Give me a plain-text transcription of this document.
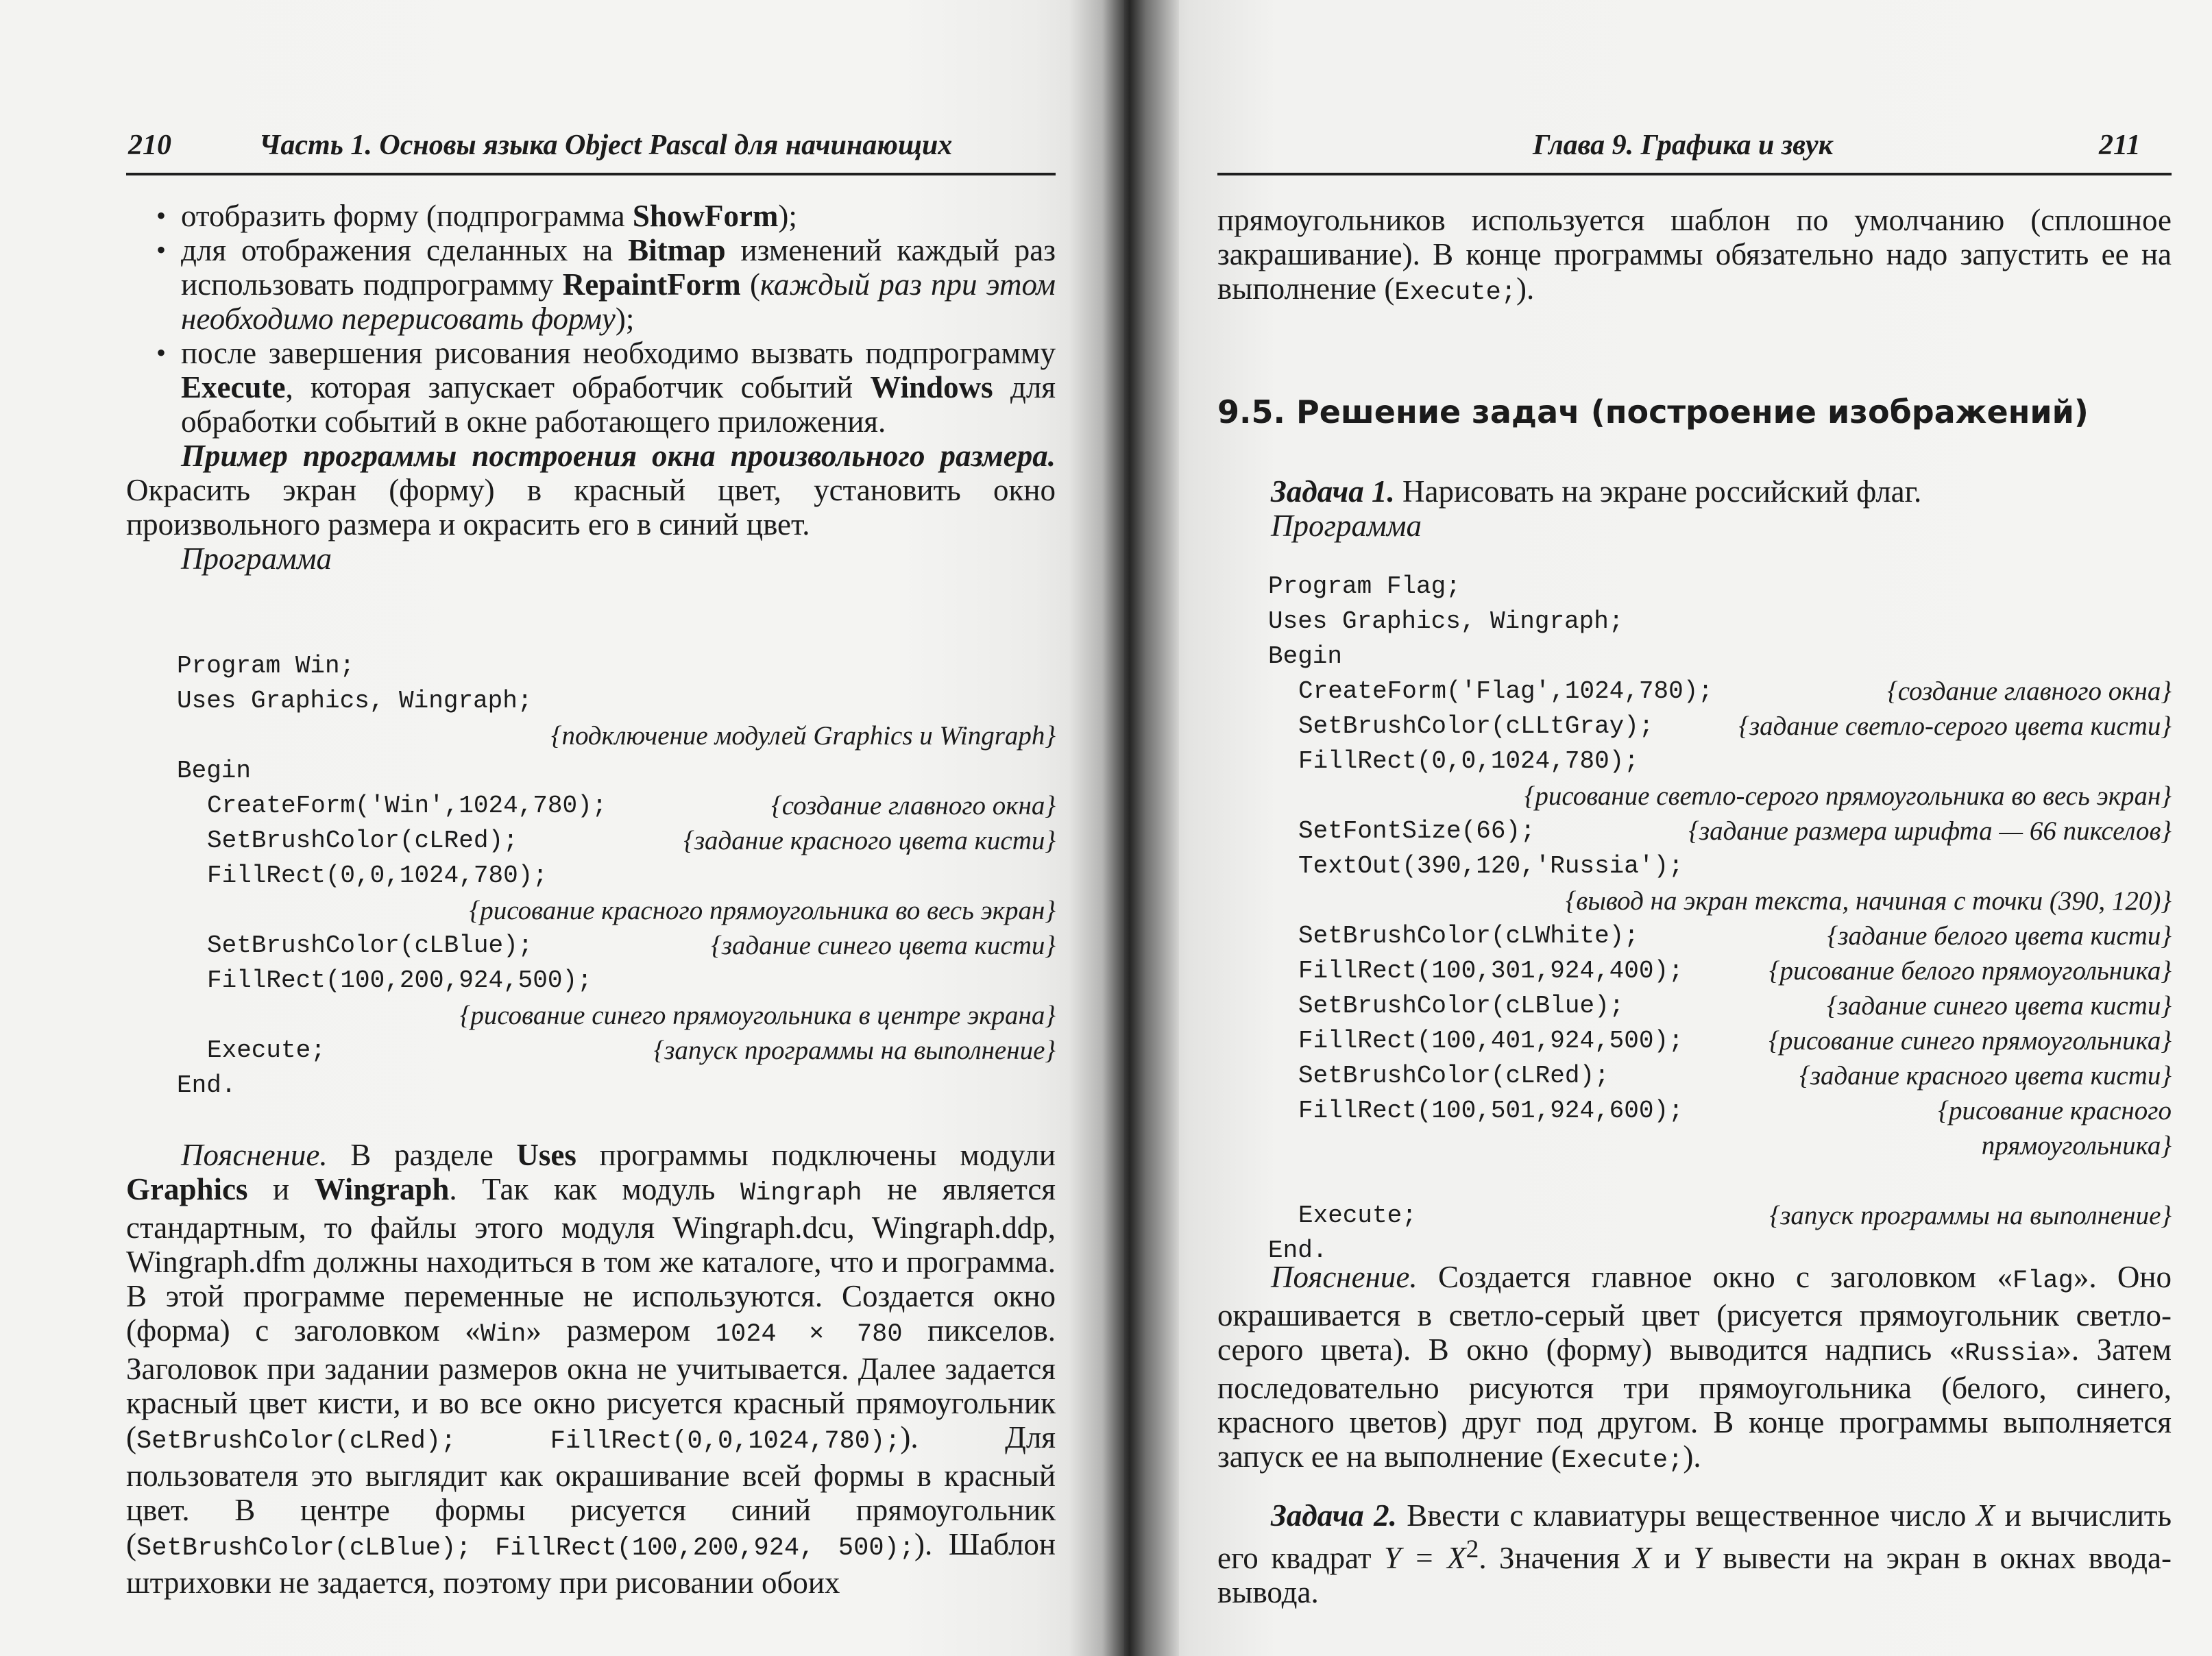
210	Часть 1. Основы языка Object Pascal для начинающих
• отобразить форму (подпрограмма ShowForm);
• для отображения сделанных на Bitmap изменений каждый раз использовать подпрограмму RepaintForm (каждый раз при этом необходимо перерисовать форму);
• после завершения рисования необходимо вызвать подпрограмму Execute, которая запускает обработчик событий Windows для обработки событий в окне работающего приложения.

Пример программы построения окна произвольного размера. Окрасить экран (форму) в красный цвет, установить окно произвольного размера и окрасить его в синий цвет.

Программа
Program Win;
Uses Graphics, Wingraph;
{подключение модулей Graphics и Wingraph}
Begin
CreateForm('Win',1024,780);	{создание главного окна}
SetBrushColor(cLRed);	{задание красного цвета кисти}
FillRect(0,0,1024,780);
{рисование красного прямоугольника во весь экран}
SetBrushColor(cLBlue);	{задание синего цвета кисти}
FillRect(100,200,924,500);
{рисование синего прямоугольника в центре экрана}
Execute;	{запуск программы на выполнение}
End.

Пояснение. В разделе Uses программы подключены модули Graphics и Wingraph. Так как модуль Wingraph не является стандартным, то файлы этого модуля Wingraph.dcu, Wingraph.ddp, Wingraph.dfm должны находиться в том же каталоге, что и программа. В этой программе переменные не используются. Создается окно (форма) с заголовком «Win» размером 1024 × 780 пикселов. Заголовок при задании размеров окна не учитывается. Далее задается красный цвет кисти, и во все окно рисуется красный прямоугольник (SetBrushColor(cLRed); FillRect(0,0,1024,780);). Для пользователя это выглядит как окрашивание всей формы в красный цвет. В центре формы рисуется синий прямоугольник (SetBrushColor(cLBlue); FillRect(100,200,924, 500);). Шаблон штриховки не задается, поэтому при рисовании обоих

Глава 9. Графика и звук	211

прямоугольников используется шаблон по умолчанию (сплошное закрашивание). В конце программы обязательно надо запустить ее на выполнение (Execute;).

9.5. Решение задач (построение изображений)
Задача 1. Нарисовать на экране российский флаг.
Программа
Program Flag;
Uses Graphics, Wingraph;
Begin
CreateForm('Flag',1024,780);	{создание главного окна}
SetBrushColor(cLLtGray);	{задание светло-серого цвета кисти}
FillRect(0,0,1024,780);
{рисование светло-серого прямоугольника во весь экран}
SetFontSize(66);	{задание размера шрифта — 66 пикселов}
TextOut(390,120,'Russia');
{вывод на экран текста, начиная с точки (390, 120)}
SetBrushColor(cLWhite);	{задание белого цвета кисти}
FillRect(100,301,924,400);	{рисование белого прямоугольника}
SetBrushColor(cLBlue);	{задание синего цвета кисти}
FillRect(100,401,924,500);	{рисование синего прямоугольника}
SetBrushColor(cLRed);	{задание красного цвета кисти}
FillRect(100,501,924,600);	{рисование красного
прямоугольника}
Execute;	{запуск программы на выполнение}
End.

Пояснение. Создается главное окно с заголовком «Flag». Оно окрашивается в светло-серый цвет (рисуется прямоугольник светло-серого цвета). В окно (форму) выводится надпись «Russia». Затем последовательно рисуются три прямоугольника (белого, синего, красного цветов) друг под другом. В конце программы выполняется запуск ее на выполнение (Execute;).

Задача 2. Ввести с клавиатуры вещественное число X и вычислить его квадрат $Y = X^2$. Значения X и Y вывести на экран в окнах ввода-вывода.
